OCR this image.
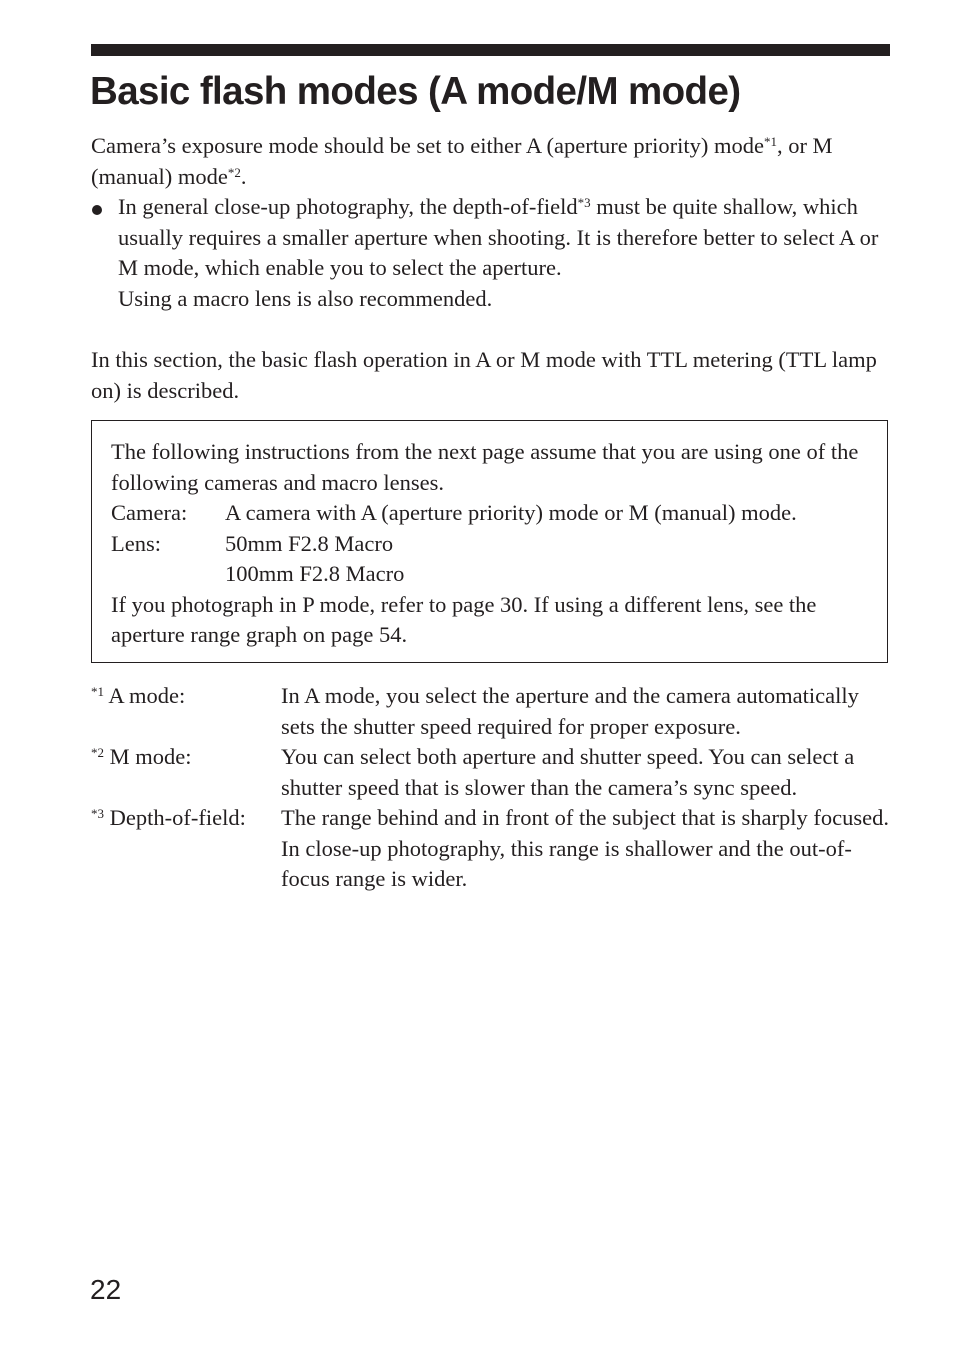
Basic flash modes (A mode/M mode)

Camera’s exposure mode should be set to either A (aperture priority) mode$^{*1}$, or M (manual) mode$^{*2}$.

In general close-up photography, the depth-of-field$^{*3}$ must be quite shallow, which usually requires a smaller aperture when shooting. It is therefore better to select A or M mode, which enable you to select the aperture.

Using a macro lens is also recommended.

In this section, the basic flash operation in A or M mode with TTL metering (TTL lamp on) is described.

The following instructions from the next page assume that you are using one of the following cameras and macro lenses.

Camera:	A camera with A (aperture priority) mode or M (manual) mode.
Lens:	50mm F2.8 Macro
100mm F2.8 Macro

If you photograph in P mode, refer to page 30. If using a different lens, see the aperture range graph on page 54.

$^{*1}$ A mode:	In A mode, you select the aperture and the camera automatically sets the shutter speed required for proper exposure.
$^{*2}$ M mode:	You can select both aperture and shutter speed. You can select a shutter speed that is slower than the camera’s sync speed.
$^{*3}$ Depth-of-field:	The range behind and in front of the subject that is sharply focused. In close-up photography, this range is shallower and the out-of-focus range is wider.
22
